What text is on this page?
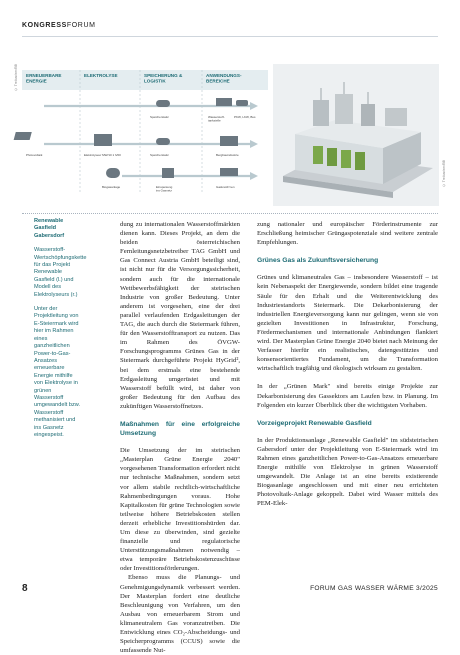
KONGRESSFORUM
© Treibacher/BB ERNEUERBARE ENERGIE
ELEKTROLYSE	SPEICHERUNG & LOGISTIK
ANWENDUNGS-BEREICHE
Photovoltaik	Elektrolyseur MW/10 1 h/00
Speicherstatic
Speicherstatic
Wasserstoff-tankstelle
PKW, LKW, Bus
Bergbauindustrie
Biogasanlage	Einspeisung ins Gasnetz
GasknotF'nen	© Treibacher/BB

Renewable Gasfield Gabersdorf

Wasserstoff-Wertschöpfungskette für das Projekt Renewable Gasfield (l.) und Modell des Elektrolyseurs (r.)

Unter der Projektleitung von E-Steiermark wird hier im Rahmen eines ganzheitlichen Power-to-Gas-Ansatzes erneuerbare Energie mithilfe von Elektrolyse in grünen Wasserstoff umgewandelt bzw. Wasserstoff methanisiert und ins Gasnetz eingespeist.

dung zu internationalen Wasserstoffmärkten dienen kann. Dieses Projekt, an dem die beiden österreichischen Fernleitungsnetzbetreiber TAG GmbH und Gas Connect Austria GmbH beteiligt sind, ist nicht nur für die Versorgungssicherheit, sondern auch für die internationale Wettbewerbsfähigkeit der steirischen Industrie von großer Bedeutung. Unter anderem ist vorgesehen, eine der drei parallel verlaufenden Erdgasleitungen der TAG, die auch durch die Steiermark führen, für den Wasserstofftransport zu nutzen. Das im Rahmen des ÖVGW-Forschungsprogramms Grünes Gas in der Steiermark durchgeführte Projekt HyGrid², bei dem erstmals eine bestehende Erdgasleitung umgerüstet und mit Wasserstoff befüllt wird, ist daher von großer Bedeutung für den Aufbau des zukünftigen Wasserstoffnetzes.

Maßnahmen für eine erfolgreiche Umsetzung

Die Umsetzung der im steirischen „Masterplan Grüne Energie 2040" vorgesehenen Transformation erfordert nicht nur technische Maßnahmen, sondern setzt vor allem stabile rechtlich-wirtschaftliche Rahmenbedingungen voraus. Hohe Kapitalkosten für grüne Technologien sowie teilweise höhere Betriebskosten stellen derzeit erhebliche Investitionshürden dar. Um diese zu überwinden, sind gezielte finanzielle und regulatorische Unterstützungsmaßnahmen notwendig – etwa temporäre Betriebskostenzuschüsse oder Investitionsförderungen.

Ebenso muss die Planungs- und Genehmigungsdynamik verbessert werden. Der Masterplan fordert eine deutliche Beschleunigung von Verfahren, um den Ausbau von erneuerbarem Strom und klimaneutralem Gas voranzutreiben. Die Entwicklung eines CO₂-Abscheidungs- und Speicherprogramms (CCUS) sowie die umfassende Nut-

zung nationaler und europäischer Förderinstrumente zur Erschließung heimischer Grüngaspotenziale sind weitere zentrale Empfehlungen.

Grünes Gas als Zukunftsversicherung

Grünes und klimaneutrales Gas – insbesondere Wasserstoff – ist kein Nebenaspekt der Energiewende, sondern bildet eine tragende Säule für den Erhalt und die Weiterentwicklung des Industriestandorts Steiermark. Die Dekarbonisierung der industriellen Energieversorgung kann nur gelingen, wenn sie von gezielten Investitionen in Infrastruktur, Forschung, Fördermechanismen und internationale Anbindungen flankiert wird. Der Masterplan Grüne Energie 2040 bietet nach Meinung der Verfasser hierfür ein realistisches, datengestütztes und konsensorientiertes Fundament, um die Transformation wirtschaftlich tragfähig und ökologisch wirksam zu gestalten.

In der „Grünen Mark" sind bereits einige Projekte zur Dekarbonisierung des Gassektors am Laufen bzw. in Planung. Im Folgenden ein kurzer Überblick über die wichtigsten Vorhaben.

Vorzeigeprojekt Renewable Gasfield

In der Produktionsanlage „Renewable Gasfield" im südsteirischen Gabersdorf unter der Projektleitung von E-Steiermark wird im Rahmen eines ganzheitlichen Power-to-Gas-Ansatzes erneuerbare Energie mithilfe von Elektrolyse in grünen Wasserstoff umgewandelt. Die Anlage ist an eine bereits existierende Biogasanlage angeschlossen und mit einer neu errichteten Photovoltaik-Anlage gekoppelt. Dabei wird Wasser mittels des PEM-Elek-

8	FORUM GAS WASSER WÄRME 3/2025
